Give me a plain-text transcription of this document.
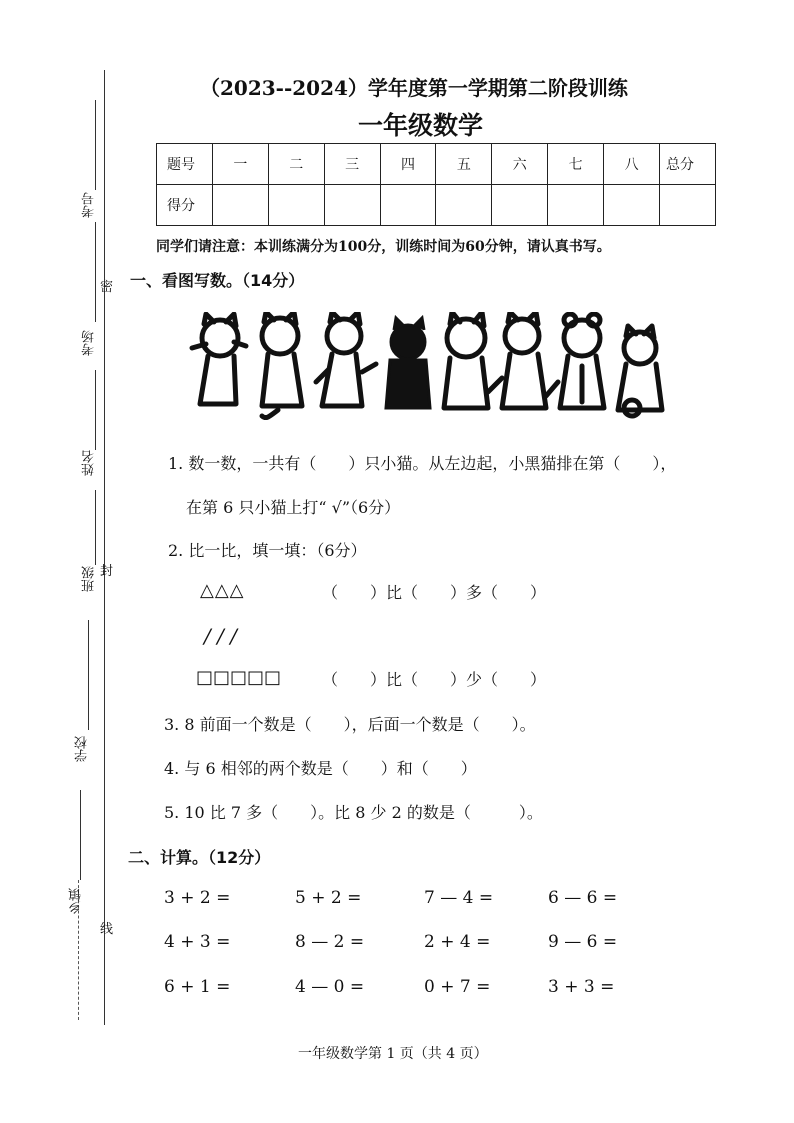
考号
考场
姓名
班级
学校
乡镇
密
封
线
（2023--2024）学年度第一学期第二阶段训练
一年级数学
题号	一	二	三	四	五	六	七	八	总分
得分									
同学们请注意：本训练满分为100分，训练时间为60分钟，请认真书写。
一、看图写数。（14分）
1. 数一数，一共有（　　）只小猫。从左边起，小黑猫排在第（　　），
在第 6 只小猫上打“ √”（6分）
2. 比一比，填一填：（6分）
△△△	（　　）比（　　）多（　　）
/ / /
□□□□□	（　　）比（　　）少（　　）
3. 8 前面一个数是（　　），后面一个数是（　　）。
4. 与 6 相邻的两个数是（　　）和（　　）
5. 10 比 7 多（　　）。比 8 少 2 的数是（　　　）。
二、计算。（12分）
3 + 2 =	5 + 2 =	7 — 4 =	6 — 6 =
4 + 3 =	8 — 2 =	2 + 4 =	9 — 6 =
6 + 1 =	4 — 0 =	0 + 7 =	3 + 3 =
一年级数学第 1 页（共 4 页）
